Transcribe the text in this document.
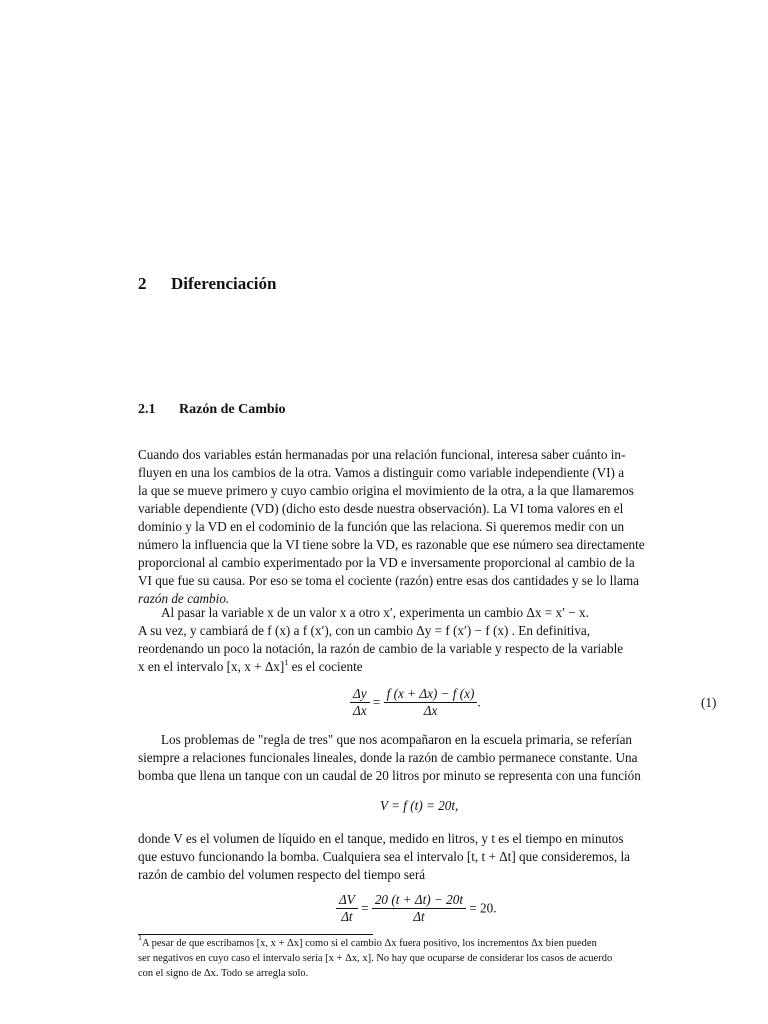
2 Diferenciación
2.1 Razón de Cambio
Cuando dos variables están hermanadas por una relación funcional, interesa saber cuánto in-
fluyen en una los cambios de la otra. Vamos a distinguir como variable independiente (VI) a
la que se mueve primero y cuyo cambio origina el movimiento de la otra, a la que llamaremos
variable dependiente (VD) (dicho esto desde nuestra observación). La VI toma valores en el
dominio y la VD en el codominio de la función que las relaciona. Si queremos medir con un
número la influencia que la VI tiene sobre la VD, es razonable que ese número sea directamente
proporcional al cambio experimentado por la VD e inversamente proporcional al cambio de la
VI que fue su causa. Por eso se toma el cociente (razón) entre esas dos cantidades y se lo llama
razón de cambio.
Al pasar la variable x de un valor x a otro x′, experimenta un cambio Δx = x′ − x.
A su vez, y cambiará de f (x) a f (x′), con un cambio Δy = f (x′) − f (x) . En definitiva,
reordenando un poco la notación, la razón de cambio de la variable y respecto de la variable
x en el intervalo [x, x + Δx]$^1$ es el cociente
$\frac{\Delta y}{\Delta x} = \frac{f (x + \Delta x) - f (x)}{\Delta x}$ .	(1)
Los problemas de "regla de tres" que nos acompañaron en la escuela primaria, se referían
siempre a relaciones funcionales lineales, donde la razón de cambio permanece constante. Una
bomba que llena un tanque con un caudal de 20 litros por minuto se representa con una función
V = f (t) = 20t,
donde V es el volumen de líquido en el tanque, medido en litros, y t es el tiempo en minutos
que estuvo funcionando la bomba. Cualquiera sea el intervalo [t, t + Δt] que consideremos, la
razón de cambio del volumen respecto del tiempo será
$\frac{\Delta V}{\Delta t} = \frac{20 (t + \Delta t) - 20t}{\Delta t} = 20$.
$^1$A pesar de que escribamos [x, x + Δx] como si el cambio Δx fuera positivo, los incrementos Δx bien pueden
ser negativos en cuyo caso el intervalo sería [x + Δx, x]. No hay que ocuparse de considerar los casos de acuerdo
con el signo de Δx. Todo se arregla solo.
